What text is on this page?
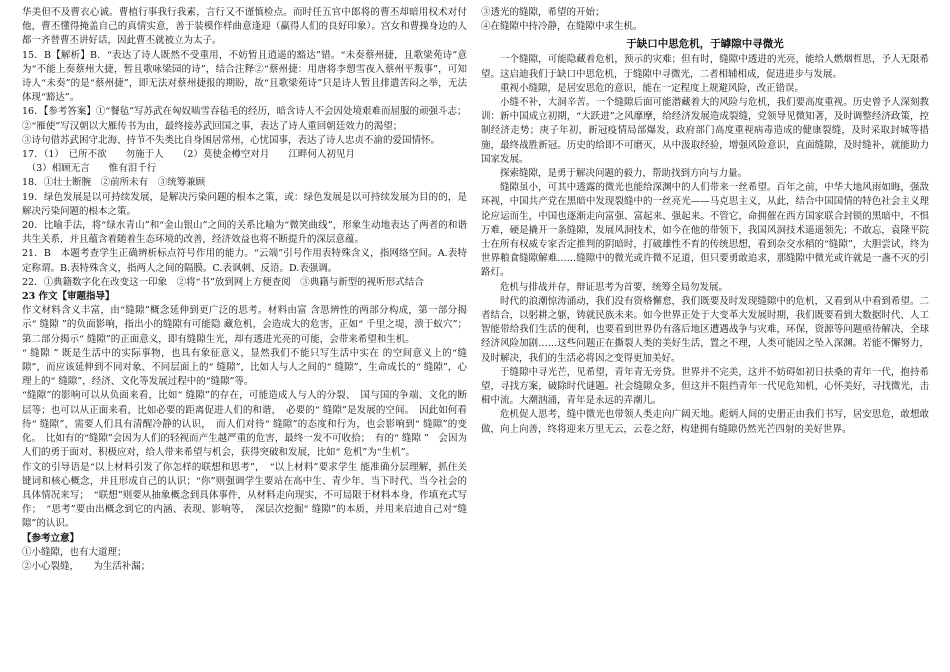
华美但不及曹衣心诚。曹植行事我行我素，言行又不谨慎检点。而时任五官中郎将的曹丕却暗用权术对付他，曹丕懂得掩盖自己的真情实意，善于装模作样曲意逢迎（赢得人们的良好印象）。宫女和曹操身边的人都一齐替曹丕讲好话，因此曹丕就被立为太子。

15．B【解析】B．“表达了诗人既然不受重用，不妨暂且逍遥的豁达”错。“未奏蔡州捷，且歌梁苑诗”意为“不能上奏蔡州大捷，暂且歌咏梁园的诗”，结合注释②“蔡州捷：用唐将李愬雪夜入蔡州平叛事”，可知诗人“未奏”的是“蔡州捷”，即无法对蔡州捷报的期盼，故“且歌梁苑诗”只是诗人暂且排遣苦闷之举，无法体现“豁达”。

16．【参考答案】①“餐毡”写苏武在匈奴啮雪吞毡毛的经历，暗含诗人不会因处境艰难而屈服的顽强斗志；

②“雁使”写汉朝以大雁传书为由，最终接苏武回国之事，表达了诗人重回朝廷效力的渴望；

③诗句借苏武困守北海、持节不失类比自身困居常州，心忧国事，表达了诗人忠贞不渝的爱国情怀。

17．（1）　已所不欲　　勿施于人　　（2）莫使金樽空对月　　江畔何人初见月

　（3）相顾无言　　惟有泪千行

18．①壮士断腕　②前所未有　③统筹兼顾

19．绿色发展是以可持续发展，是解决污染问题的根本之策，或：绿色发展是以可持续发展为目的的，是解决污染问题的根本之策。

20．比喻手法，将“绿水青山”和“金山银山”之间的关系比喻为“微笑曲线”，形象生动地表达了两者的和谐共生关系，并且蕴含着随着生态环境的改善，经济效益也将不断提升的深层意蕴。

21．B　本题考查学生正确辨析标点符号作用的能力。“云端”引号作用表特殊含义，指网络空间。A.表特定称谓。B.表特殊含义，指两人之间的隔膜。C.表讽刺、反语。D.表强调。

22．①典籍数字化在改变这一印象　②将“书”放到网上方便查阅　③典籍与新型的视听形式结合

23 作文【审题指导】

作文材料含义丰富，由“缝隙”概念延伸到更广泛的思考。材料由富 含思辨性的两部分构成，第一部分揭示“ 缝隙 ”的负面影响，指出小的缝隙有可能隐 藏危机，会造成大的危害，正如“ 千里之堤，溃于蚁穴”；第二部分揭示“ 缝隙”的正面意义，即有缝隙生光，却有透进光亮的可能，会带来希望和生机。

“ 缝隙 ” 既是生活中的实际事物，也具有象征意义，显然我们不能只写生活中实在 的空间意义上的“缝隙”，而应该延伸到不同对象、不同层面上的“ 缝隙”，比如人与人之间的“ 缝隙”，生命成长的“ 缝隙”，心理上的“ 缝隙”，经济、文化等发展过程中的“缝隙”等。

“缝隙”的影响可以从负面来看，比如“ 缝隙”的存在，可能造成人与人的分裂、　国与国的争端、文化的断层等；也可以从正面来看，比如必要的距离促进人们的和谐，　必要的“ 缝隙”是发展的空间。　因此如何看待“ 缝隙”，需要人们具有清醒冷静的认识，　而人们对待“ 缝隙”的态度和行为，也会影响到“ 缝隙”的变化。　比如有的“缝隙”会因为人们的轻视而产生越严重的危害，最终一发不可收拾；　有的“ 缝隙 ”　会因为人们的勇于面对、积极应对，给人带来希望与机会，获得突破和发展，比如“ 危机”为“生机”。

作文的引导语是“以上材料引发了你怎样的联想和思考”，　“以上材料”要求学生 能准确分层理解，抓住关键词和核心概念，并且形成自己的认识；“你”则强调学生要站在高中生、青少年、当下时代、当今社会的具体情况来写；　“联想”则要从抽象概念到具体事件，从材料走向现实，不可局限于材料本身，作填充式写作；　“思考”要由出概念到它的内涵、表现、影响等，　深层次挖掘“ 缝隙”的本质，并用来启迪自己对“缝隙”的认识。

【参考立意】

①小缝隙，也有大道理；

②小心裂缝，　　为生活补漏；

③透光的缝隙，希望的开始；

④在缝隙中持冷静，在缝隙中求生机。

于缺口中思危机，于罅隙中寻微光

一个缝隙，可能隐藏着危机，预示的灾难；但有时，缝隙中透进的光亮，能给人燃烟哲思，予人无限希望。这启迪我们于缺口中思危机，于缝隙中寻微光，二者相辅相成，促进进步与发展。

重视小缝隙，是居安思危的意识，能在一定程度上规避风险，改正错误。

小缝不补，大洞辛苦。一个缝隙后面可能潜藏着大的风险与危机，我们要高度重视。历史曾予人深刻教训：新中国成立初期，“大跃进”之风靡摩，给经济发展造成裂缝，党领导见微知著，及时调整经济政策，控制经济走势；庚子年初，新冠疫情局部爆发，政府部门高度重视病毒造成的健康裂缝，及时采取封城等措施，最终战胜新冠。历史的给即不可磨灭，从中汲取经验，增强风险意识，直面缝隙，及时缝补，就能助力国家发展。

探索缝隙，是勇于解决问题的毅力，帮助找到方向与力量。

缝隙虽小，可其中透露的微光也能给深渊中的人们带来一丝希望。百年之前，中华大地风雨如晦，强敌环视，中国共产党在黑暗中发现裂缝中的一丝亮光——马克思主义，从此，结合中国国情的特色社会主义理论应运而生，中国也逐渐走向富强、富起来、强起来。不管它，命拥催在西方国家联合封锁的黑暗中，不惧万难，硬是撬开一条缝隙，发展风洞技术，如今在他的带领下，我国风洞技术遥遥领先；不敢忘，袁隆平院士在所有权威专家否定推判的阴暗时，打破雄性不育的传统思想，看到杂交水稻的“缝隙”，大胆尝试，终为世界粮食缝隙解难……缝隙中的微光或许微不足道，但只要勇敢追求，那缝隙中微光或许就是一盏不灭的引路灯。

危机与排战并存，辩证思考为首要，统筹全局勿发展。

时代的浪潮惊涛涌动，我们没有资格懈怠，我们既要及时发现缝隙中的危机，又看到从中看到希望。二者结合，以躬耕之躯，铸就民族未来。如今世界正处于大变革大发展时期，我们既要看到大数据时代、人工智能带给我们生活的便利，也要看到世界仍有落后地区遭遇战争与灾难，环保，资源等问题亟待解决，全球经济风险加剧……这些问题正在撕裂人类的美好生活，置之不理，人类可能因之坠入深渊。若能不懈努力，及时解决，我们的生活必将因之变得更加美好。

于缝隙中寻光芒，见希望，青年青无旁贷。世界并不完美，这并不妨碍如初日扶桑的青年一代，抱持希望，寻找方案，破除时代谜题。社会缝隙众多，但这并不阻挡青年一代见危知机，心怀美好，寻找微光，击楫中流。大潮汹涌，青年是永远的弄潮儿。

危机促人思考，缝中微光也带领人类走向广阔天地。彪炳人间的史册正由我们书写，居安思危，敢想敢做，向上向善，终将迎来万里无云，云卷之舒，构建拥有缝隙仍然光芒四射的美好世界。
